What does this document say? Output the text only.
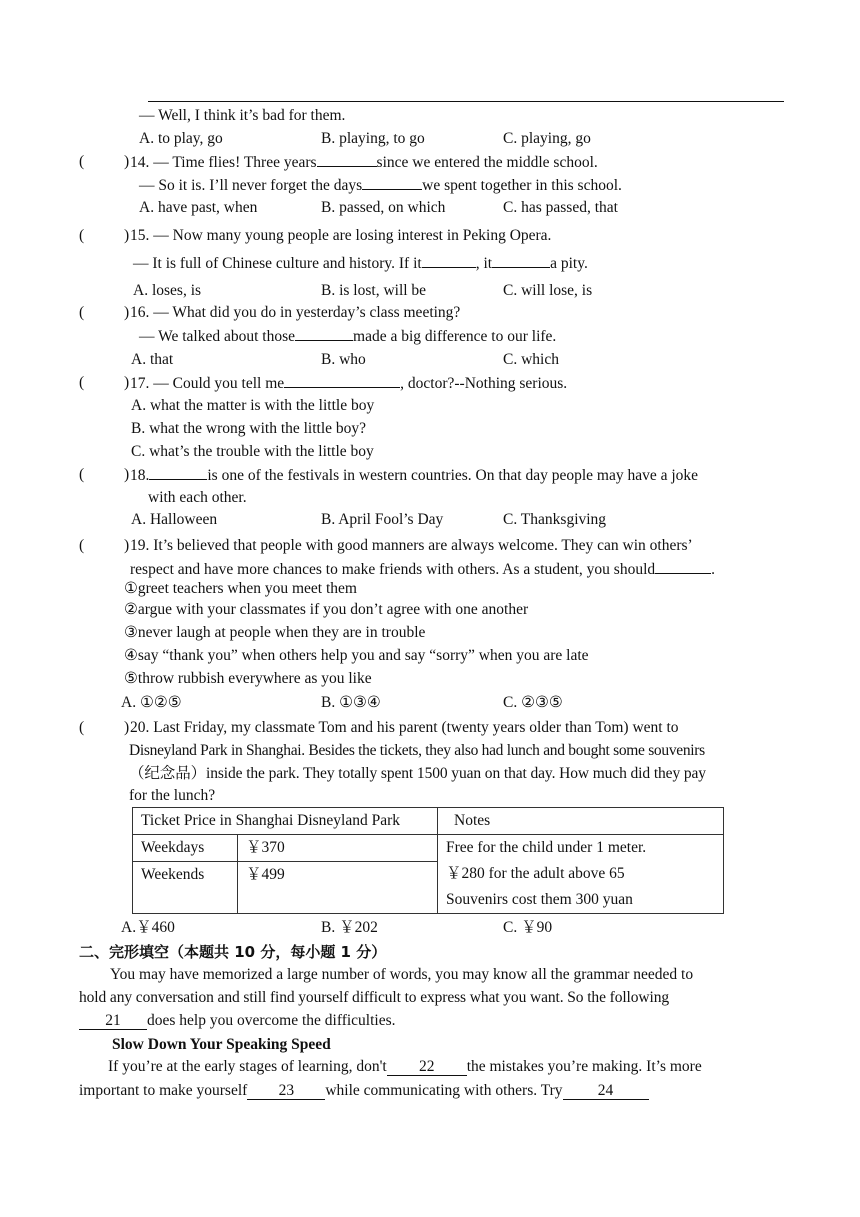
— Well, I think it’s bad for them.
A. to play, go	B. playing, to go	C. playing, go
(	) 14. — Time flies! Three years	since we entered the middle school.
— So it is. I’ll never forget the days	we spent together in this school.
A. have past, when	B. passed, on which	C. has passed, that
(	) 15. — Now many young people are losing interest in Peking Opera.
— It is full of Chinese culture and history. If it	, it	a pity.
A. loses, is	B. is lost, will be	C. will lose, is
(	) 16. — What did you do in yesterday’s class meeting?
— We talked about those	made a big difference to our life.
A. that	B. who	C. which
(	) 17. — Could you tell me	, doctor?--Nothing serious.
A. what the matter is with the little boy
B. what the wrong with the little boy?
C. what’s the trouble with the little boy
(	) 18.	is one of the festivals in western countries. On that day people may have a joke
with each other.
A. Halloween	B. April Fool’s Day	C. Thanksgiving
(	) 19. It’s believed that people with good manners are always welcome. They can win others’
respect and have more chances to make friends with others. As a student, you should	.
①greet teachers when you meet them
②argue with your classmates if you don’t agree with one another
③never laugh at people when they are in trouble
④say “thank you” when others help you and say “sorry” when you are late
⑤throw rubbish everywhere as you like
A. ①②⑤	B. ①③④	C. ②③⑤
(	) 20. Last Friday, my classmate Tom and his parent (twenty years older than Tom) went to
Disneyland Park in Shanghai. Besides the tickets, they also had lunch and bought some souvenirs
（纪念品）inside the park. They totally spent 1500 yuan on that day. How much did they pay
for the lunch?
Ticket Price in Shanghai Disneyland Park		Notes
Weekdays	￥370	Free for the child under 1 meter.
￥280 for the adult above 65
Souvenirs cost them 300 yuan

Weekends	￥499	
A.￥460	B. ￥202	C. ￥90
二、完形填空（本题共 10 分，每小题 1 分）
You may have memorized a large number of words, you may know all the grammar needed to
hold any conversation and still find yourself difficult to express what you want. So the following
21 does help you overcome the difficulties.
Slow Down Your Speaking Speed
If you’re at the early stages of learning, don't 22 the mistakes you’re making. It’s more
important to make yourself 23 while communicating with others. Try 24
